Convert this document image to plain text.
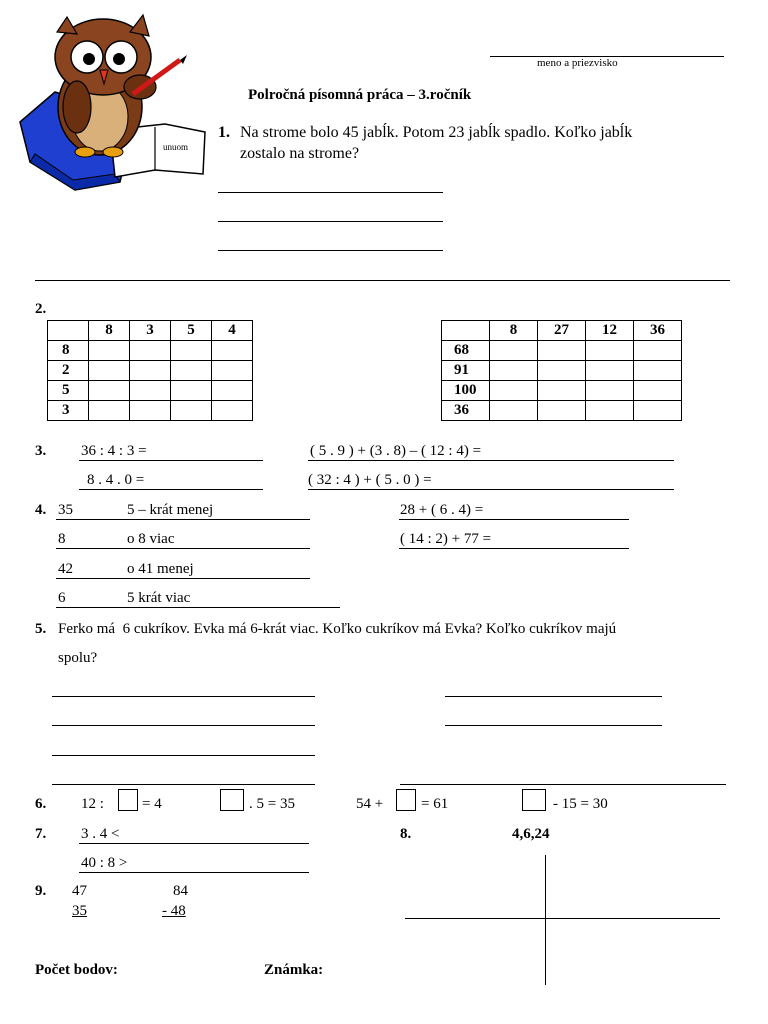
unuom
meno a priezvisko
Polročná písomná práca – 3.ročník
1. Na strome bolo 45 jabĺk. Potom 23 jabĺk spadlo. Koľko jabĺk
zostalo na strome?
2.
	8	3	5	4
8				
2				
5				
3				
	8	27	12	36
68				
91				
100				
36				
3. 36 : 4 : 3 =	( 5 . 9 ) + (3 . 8) – ( 12 : 4) =
8 . 4 . 0 =	( 32 : 4 ) + ( 5 . 0 ) =
4. 35	5 – krát menej
8	o 8 viac
42	o 41 menej
6	5 krát viac
28 + ( 6 . 4) =
( 14 : 2) + 77 =
5. Ferko má  6 cukríkov. Evka má 6-krát viac. Koľko cukríkov má Evka? Koľko cukríkov majú
spolu?
6. 12 :	= 4	. 5 = 35	54 +	= 61	- 15 = 30
7. 3 . 4 <
40 : 8 >
8.	4,6,24
9. 47
35
84
- 48
Počet bodov:	Známka:
